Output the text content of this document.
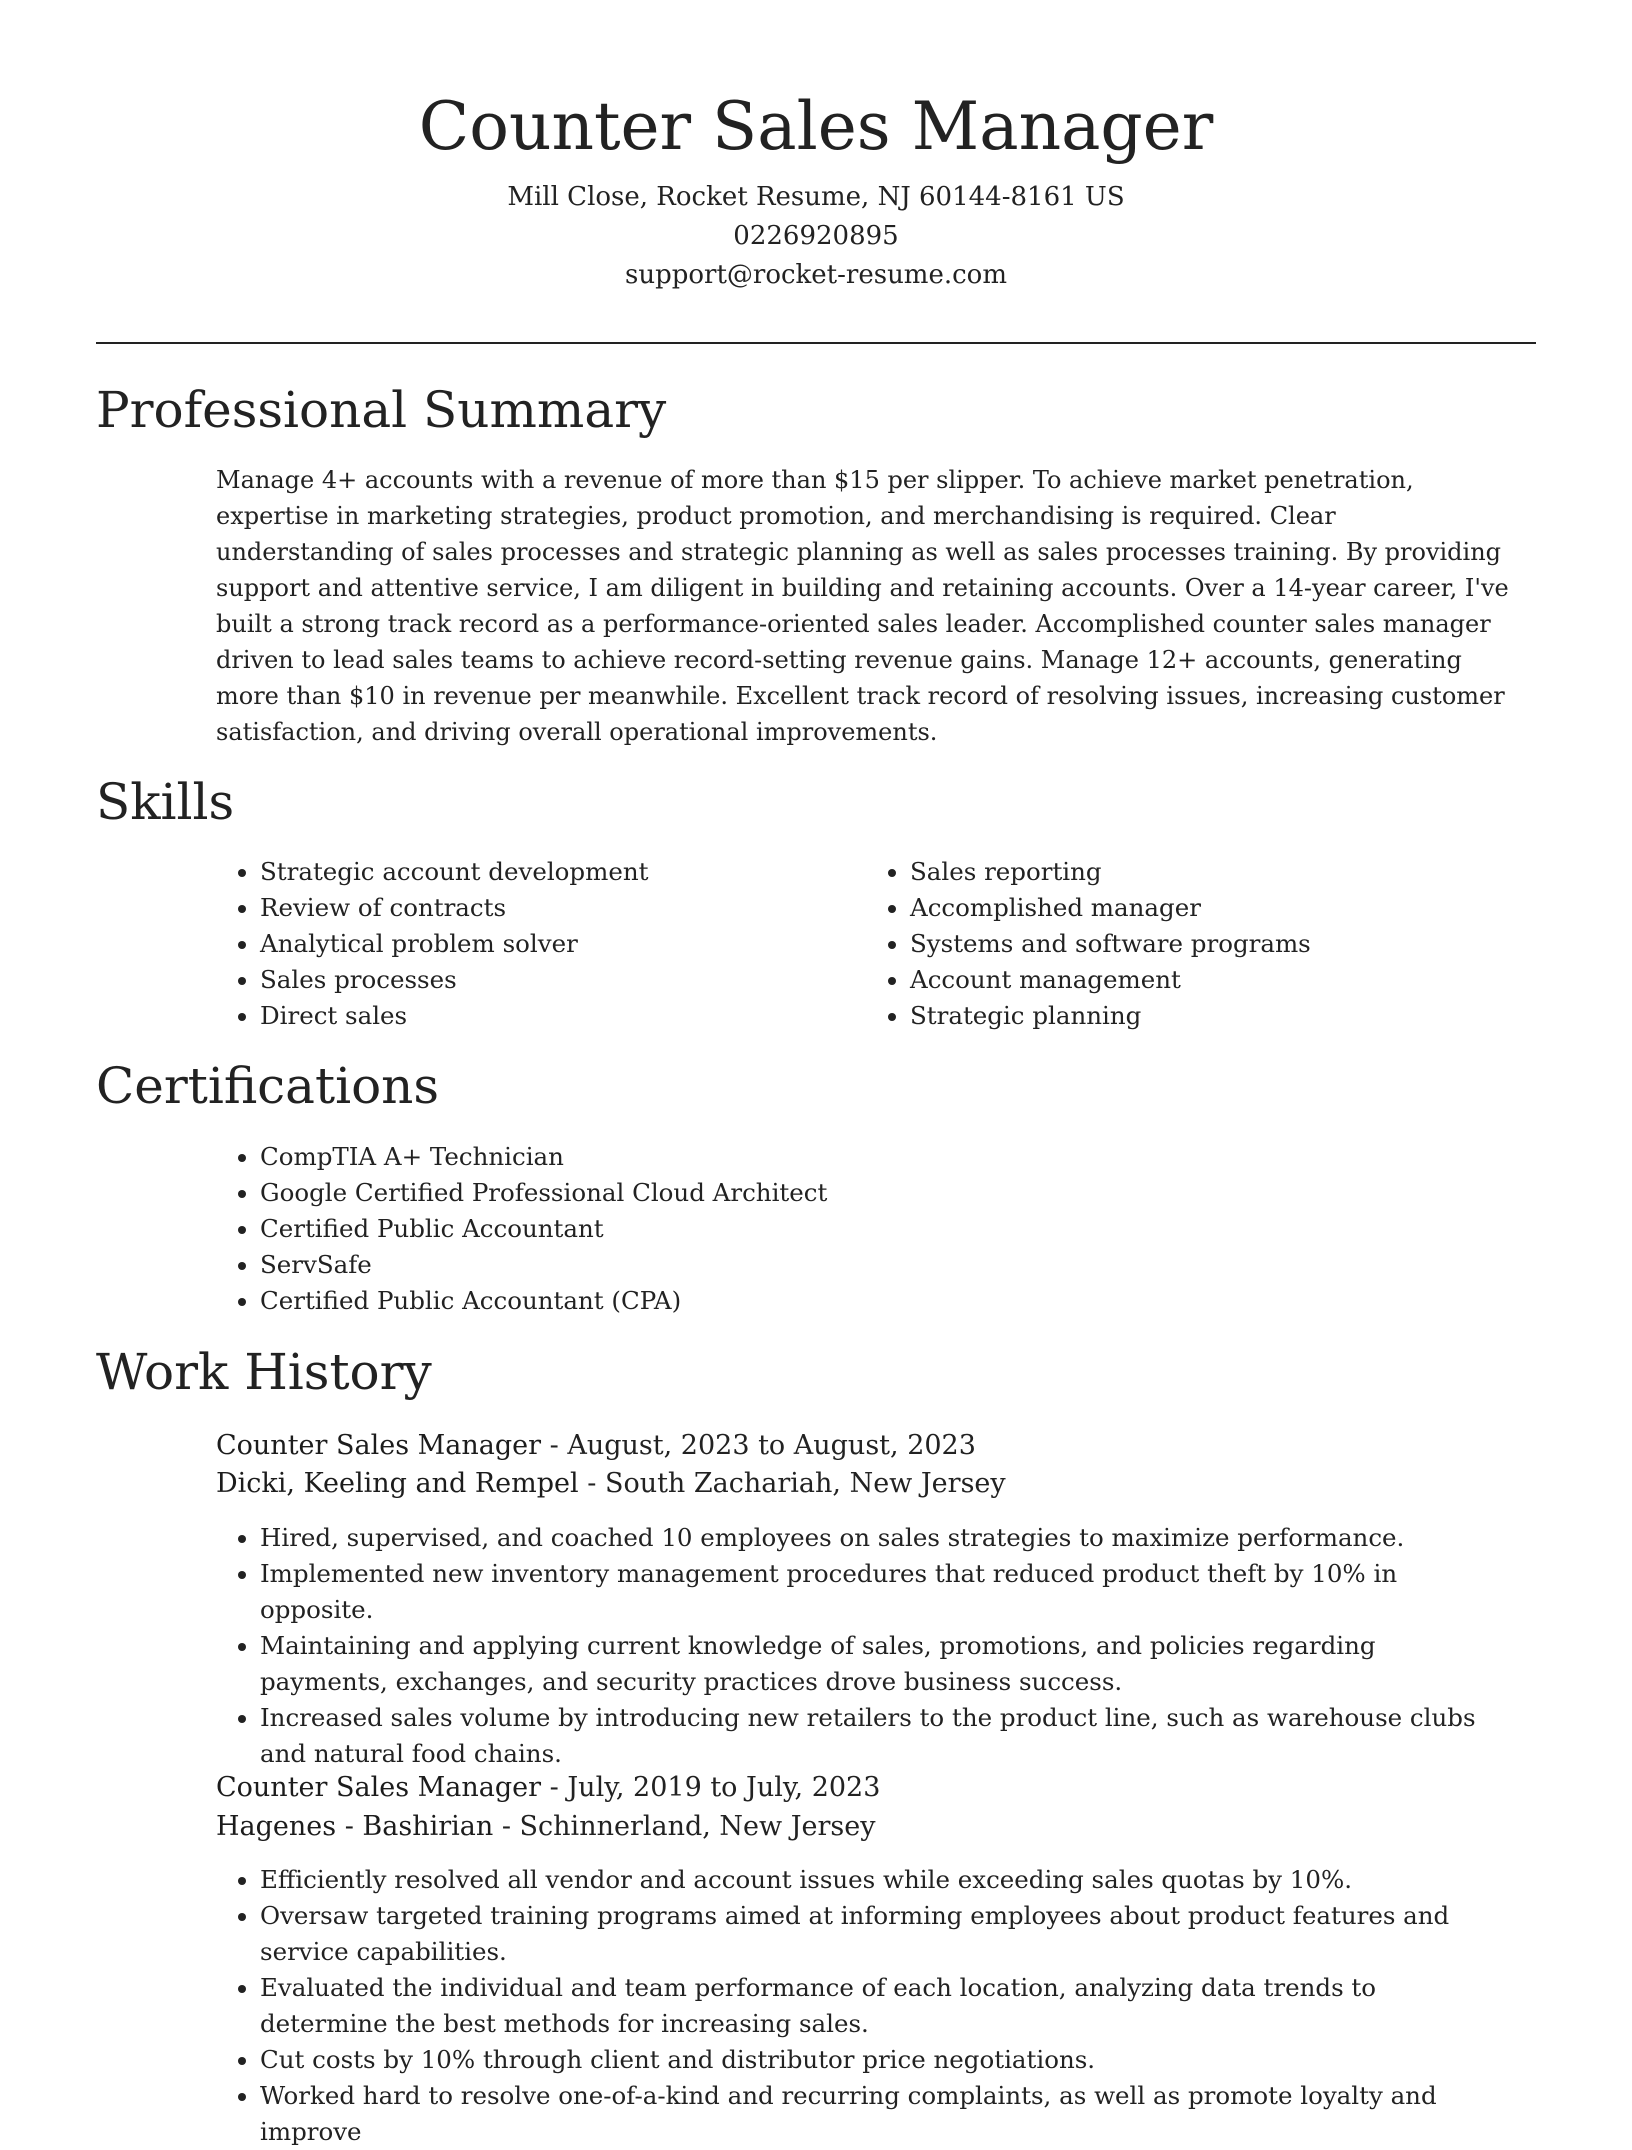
Counter Sales Manager
Mill Close, Rocket Resume, NJ 60144-8161 US
0226920895
support@rocket-resume.com
Professional Summary

Manage 4+ accounts with a revenue of more than $15 per slipper. To achieve market penetration, expertise in marketing strategies, product promotion, and merchandising is required. Clear understanding of sales processes and strategic planning as well as sales processes training. By providing support and attentive service, I am diligent in building and retaining accounts. Over a 14-year career, I've built a strong track record as a performance-oriented sales leader. Accomplished counter sales manager driven to lead sales teams to achieve record-setting revenue gains. Manage 12+ accounts, generating more than $10 in revenue per meanwhile. Excellent track record of resolving issues, increasing customer satisfaction, and driving overall operational improvements.

Skills
• Strategic account development
• Review of contracts
• Analytical problem solver
• Sales processes
• Direct sales
• Sales reporting
• Accomplished manager
• Systems and software programs
• Account management
• Strategic planning
Certifications
• CompTIA A+ Technician
• Google Certified Professional Cloud Architect
• Certified Public Accountant
• ServSafe
• Certified Public Accountant (CPA)
Work History
Counter Sales Manager - August, 2023 to August, 2023
Dicki, Keeling and Rempel - South Zachariah, New Jersey
• Hired, supervised, and coached 10 employees on sales strategies to maximize performance.
• Implemented new inventory management procedures that reduced product theft by 10% in opposite.
• Maintaining and applying current knowledge of sales, promotions, and policies regarding payments, exchanges, and security practices drove business success.
• Increased sales volume by introducing new retailers to the product line, such as warehouse clubs and natural food chains.
Counter Sales Manager - July, 2019 to July, 2023
Hagenes - Bashirian - Schinnerland, New Jersey
• Efficiently resolved all vendor and account issues while exceeding sales quotas by 10%.
• Oversaw targeted training programs aimed at informing employees about product features and service capabilities.
• Evaluated the individual and team performance of each location, analyzing data trends to determine the best methods for increasing sales.
• Cut costs by 10% through client and distributor price negotiations.
• Worked hard to resolve one-of-a-kind and recurring complaints, as well as promote loyalty and improve
